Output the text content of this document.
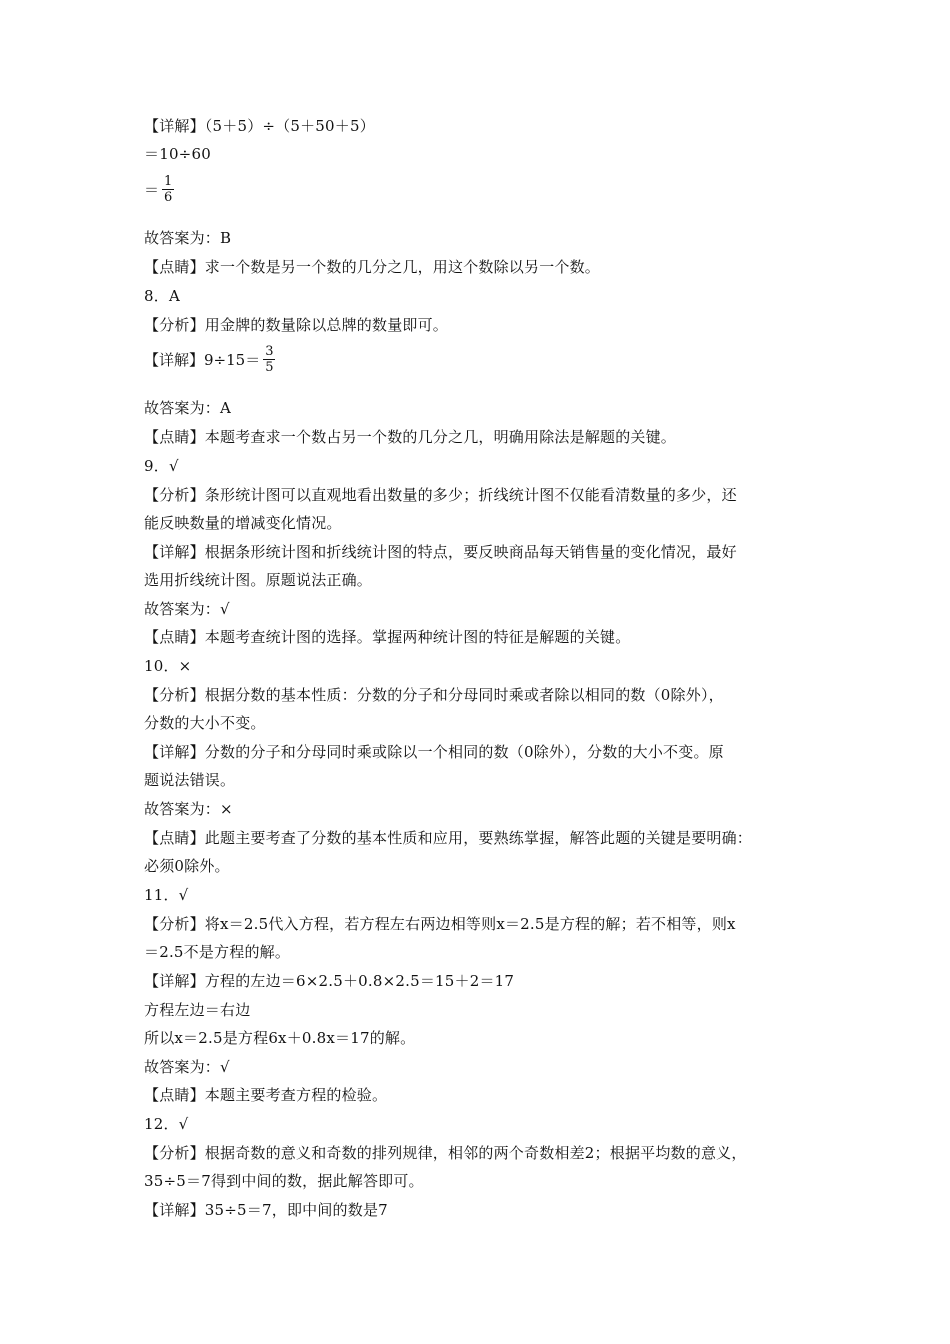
【详解】（5＋5）÷（5＋50＋5）
＝10÷60
＝ $\frac{1}{6}$
故答案为：B
【点睛】求一个数是另一个数的几分之几，用这个数除以另一个数。
8．A
【分析】用金牌的数量除以总牌的数量即可。
【详解】$9\div 15= \frac{3}{5}$
故答案为：A
【点睛】本题考查求一个数占另一个数的几分之几，明确用除法是解题的关键。
9．√
【分析】条形统计图可以直观地看出数量的多少；折线统计图不仅能看清数量的多少，还
能反映数量的增减变化情况。
【详解】根据条形统计图和折线统计图的特点，要反映商品每天销售量的变化情况，最好
选用折线统计图。原题说法正确。
故答案为：√
【点睛】本题考查统计图的选择。掌握两种统计图的特征是解题的关键。
10．×
【分析】根据分数的基本性质：分数的分子和分母同时乘或者除以相同的数（0除外），
分数的大小不变。
【详解】分数的分子和分母同时乘或除以一个相同的数（0除外），分数的大小不变。原
题说法错误。
故答案为：×
【点睛】此题主要考查了分数的基本性质和应用，要熟练掌握，解答此题的关键是要明确：
必须0除外。
11．√
【分析】将x＝2.5代入方程，若方程左右两边相等则x＝2.5是方程的解；若不相等，则x
＝2.5不是方程的解。
【详解】方程的左边＝6×2.5＋0.8×2.5＝15＋2＝17
方程左边＝右边
所以x＝2.5是方程6x＋0.8x＝17的解。
故答案为：√
【点睛】本题主要考查方程的检验。
12．√
【分析】根据奇数的意义和奇数的排列规律，相邻的两个奇数相差2；根据平均数的意义，
35÷5＝7得到中间的数，据此解答即可。
【详解】35÷5＝7，即中间的数是7
